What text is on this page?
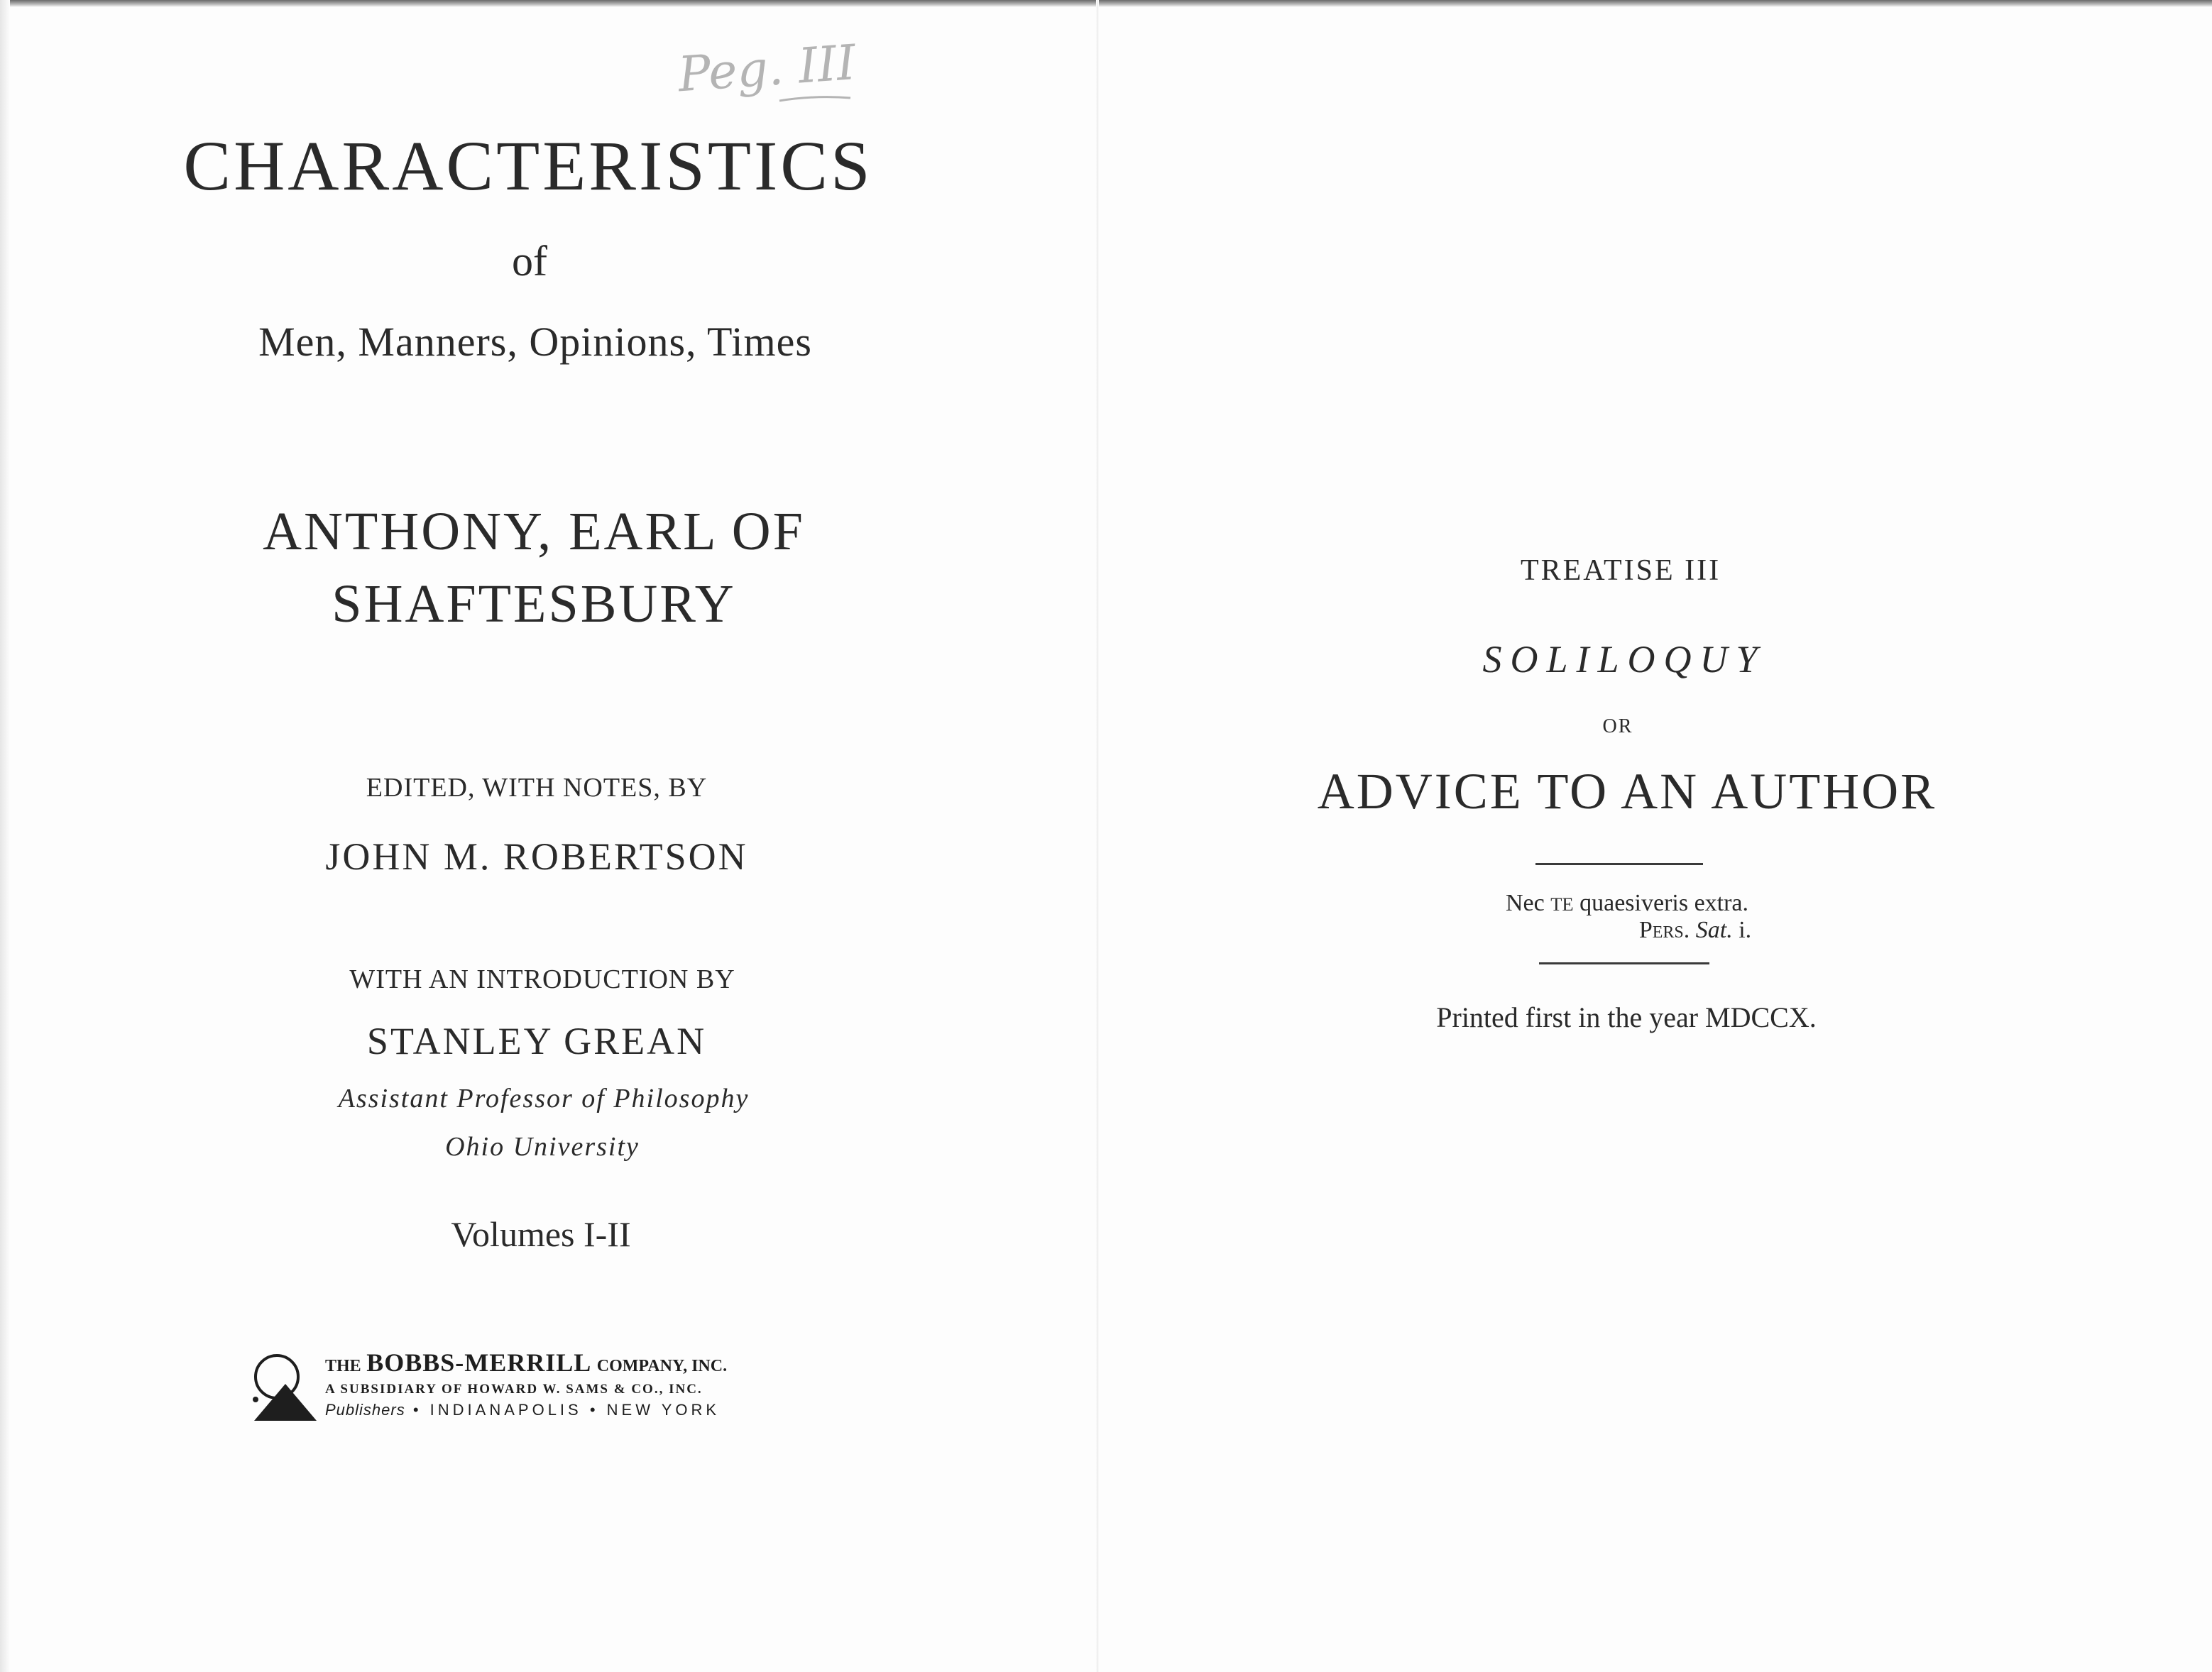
Peg. III
CHARACTERISTICS
of
Men, Manners, Opinions, Times
ANTHONY, EARL OF
SHAFTESBURY
EDITED, WITH NOTES, BY
JOHN M. ROBERTSON
WITH AN INTRODUCTION BY
STANLEY GREAN
Assistant Professor of Philosophy
Ohio University
Volumes I-II
THE BOBBS-MERRILL COMPANY, INC.
A SUBSIDIARY OF HOWARD W. SAMS & CO., INC.
Publishers • INDIANAPOLIS • NEW YORK
TREATISE III
SOLILOQUY
OR
ADVICE TO AN AUTHOR
Nec TE quaesiveris extra.
Pers. Sat. i.
Printed first in the year MDCCX.
